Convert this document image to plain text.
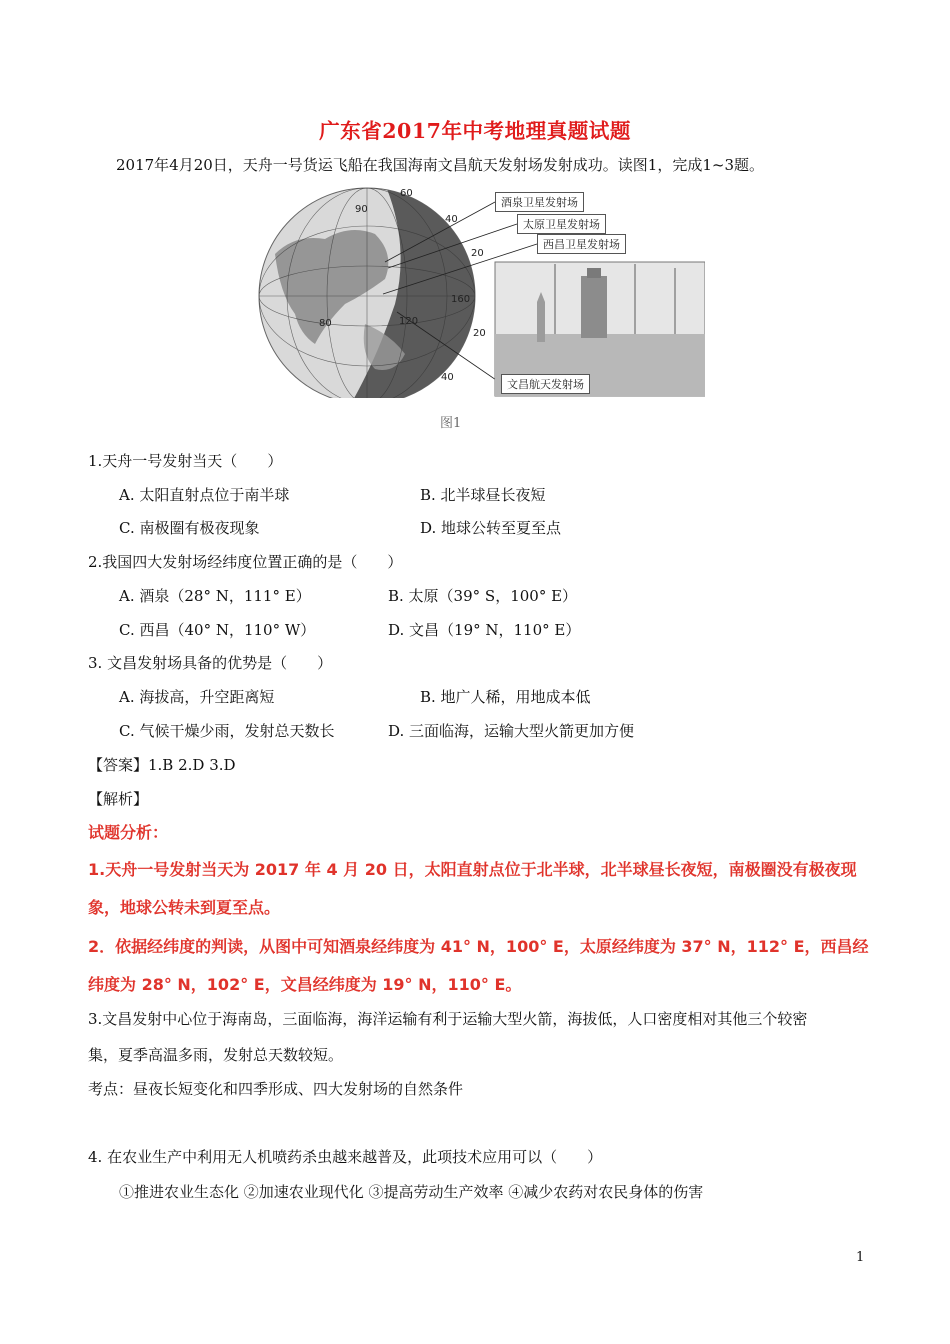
广东省2017年中考地理真题试题
2017年4月20日，天舟一号货运飞船在我国海南文昌航天发射场发射成功。读图1，完成1~3题。
60
90
40
20
160
80	120
20
40
酒泉卫星发射场
太原卫星发射场
西昌卫星发射场
文昌航天发射场
图1
1.天舟一号发射当天（　　）
A. 太阳直射点位于南半球	B. 北半球昼长夜短
C. 南极圈有极夜现象	D. 地球公转至夏至点
2.我国四大发射场经纬度位置正确的是（　　）
A. 酒泉（28° N，111° E）	B. 太原（39° S，100° E）
C. 西昌（40° N，110° W）	D. 文昌（19° N，110° E）
3. 文昌发射场具备的优势是（　　）
A. 海拔高，升空距离短	B. 地广人稀，用地成本低
C. 气候干燥少雨，发射总天数长	D. 三面临海，运输大型火箭更加方便
【答案】1.B 2.D 3.D
【解析】
试题分析：
1.天舟一号发射当天为 2017 年 4 月 20 日，太阳直射点位于北半球，北半球昼长夜短，南极圈没有极夜现
象，地球公转未到夏至点。
2．依据经纬度的判读，从图中可知酒泉经纬度为 41° N，100° E，太原经纬度为 37° N，112° E，西昌经
纬度为 28° N，102° E，文昌经纬度为 19° N，110° E。
3.文昌发射中心位于海南岛，三面临海，海洋运输有利于运输大型火箭，海拔低，人口密度相对其他三个较密
集，夏季高温多雨，发射总天数较短。
考点：昼夜长短变化和四季形成、四大发射场的自然条件
4. 在农业生产中利用无人机喷药杀虫越来越普及，此项技术应用可以（　　）
①推进农业生态化 ②加速农业现代化 ③提高劳动生产效率 ④减少农药对农民身体的伤害
1
